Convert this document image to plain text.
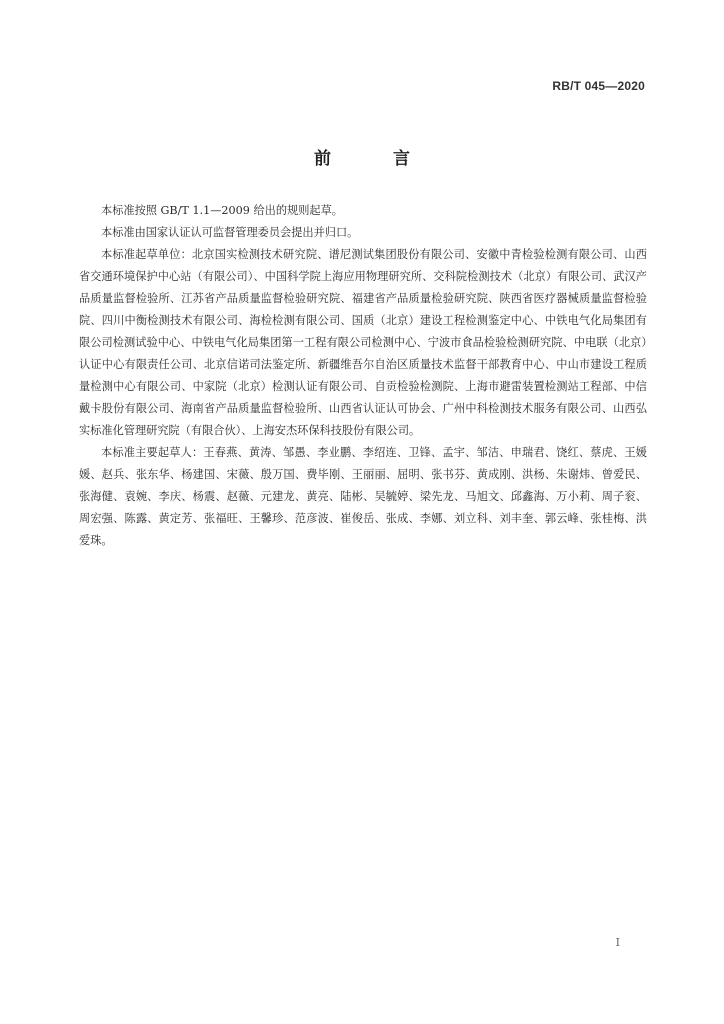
RB/T 045—2020
前 言

本标准按照 GB/T 1.1—2009 给出的规则起草。

本标准由国家认证认可监督管理委员会提出并归口。

本标准起草单位：北京国实检测技术研究院、谱尼测试集团股份有限公司、安徽中青检验检测有限公司、山西省交通环境保护中心站（有限公司）、中国科学院上海应用物理研究所、交科院检测技术（北京）有限公司、武汉产品质量监督检验所、江苏省产品质量监督检验研究院、福建省产品质量检验研究院、陕西省医疗器械质量监督检验院、四川中衡检测技术有限公司、海检检测有限公司、国质（北京）建设工程检测鉴定中心、中铁电气化局集团有限公司检测试验中心、中铁电气化局集团第一工程有限公司检测中心、宁波市食品检验检测研究院、中电联（北京）认证中心有限责任公司、北京信诺司法鉴定所、新疆维吾尔自治区质量技术监督干部教育中心、中山市建设工程质量检测中心有限公司、中家院（北京）检测认证有限公司、自贡检验检测院、上海市避雷装置检测站工程部、中信戴卡股份有限公司、海南省产品质量监督检验所、山西省认证认可协会、广州中科检测技术服务有限公司、山西弘实标准化管理研究院（有限合伙）、上海安杰环保科技股份有限公司。

本标准主要起草人：王春燕、黄涛、邹愚、李业鹏、李绍连、卫锋、孟宇、邹洁、申瑞君、饶红、蔡虎、王媛媛、赵兵、张东华、杨建国、宋薇、殷万国、费毕刚、王丽丽、屈明、张书芬、黄成刚、洪杨、朱谢炜、曾爱民、张海健、袁婉、李庆、杨震、赵薇、元建龙、黄亮、陆彬、吴毓婷、梁先龙、马旭文、邱鑫海、万小莉、周子衮、周宏强、陈露、黄定芳、张福旺、王馨珍、范彦波、崔俊岳、张成、李娜、刘立科、刘丰奎、郭云峰、张桂梅、洪爱珠。

I
